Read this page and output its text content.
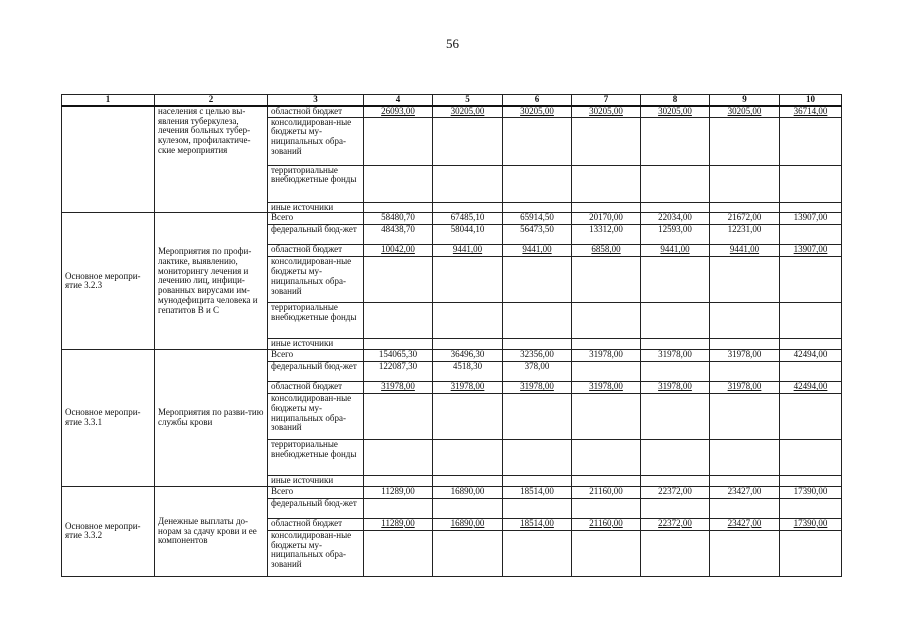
56
1	2	3	4	5	6	7	8	9	10
	населения с целью вы-явления туберкулеза, лечения больных тубер-кулезом, профилактиче-ские мероприятия	областной бюджет	26093,00	30205,00	30205,00	30205,00	30205,00	30205,00	36714,00
		консолидирован-ные бюджеты му-ниципальных обра-зований							
		территориальные внебюджетные фонды							
		иные источники							
Основное меропри-ятие 3.2.3	Мероприятия по профи-лактике, выявлению, мониторингу лечения и лечению лиц, инфици-рованных вирусами им-мунодефицита человека и гепатитов В и С	Всего	58480,70	67485,10	65914,50	20170,00	22034,00	21672,00	13907,00
		федеральный бюд-жет	48438,70	58044,10	56473,50	13312,00	12593,00	12231,00	
		областной бюджет	10042,00	9441,00	9441,00	6858,00	9441,00	9441,00	13907,00
		консолидирован-ные бюджеты му-ниципальных обра-зований							
		территориальные внебюджетные фонды							
		иные источники							
Основное меропри-ятие 3.3.1	Мероприятия по разви-тию службы крови	Всего	154065,30	36496,30	32356,00	31978,00	31978,00	31978,00	42494,00
		федеральный бюд-жет	122087,30	4518,30	378,00				
		областной бюджет	31978,00	31978,00	31978,00	31978,00	31978,00	31978,00	42494,00
		консолидирован-ные бюджеты му-ниципальных обра-зований							
		территориальные внебюджетные фонды							
		иные источники							
Основное меропри-ятие 3.3.2	Денежные выплаты до-норам за сдачу крови и ее компонентов	Всего	11289,00	16890,00	18514,00	21160,00	22372,00	23427,00	17390,00
		федеральный бюд-жет							
		областной бюджет	11289,00	16890,00	18514,00	21160,00	22372,00	23427,00	17390,00
		консолидирован-ные бюджеты му-ниципальных обра-зований							
